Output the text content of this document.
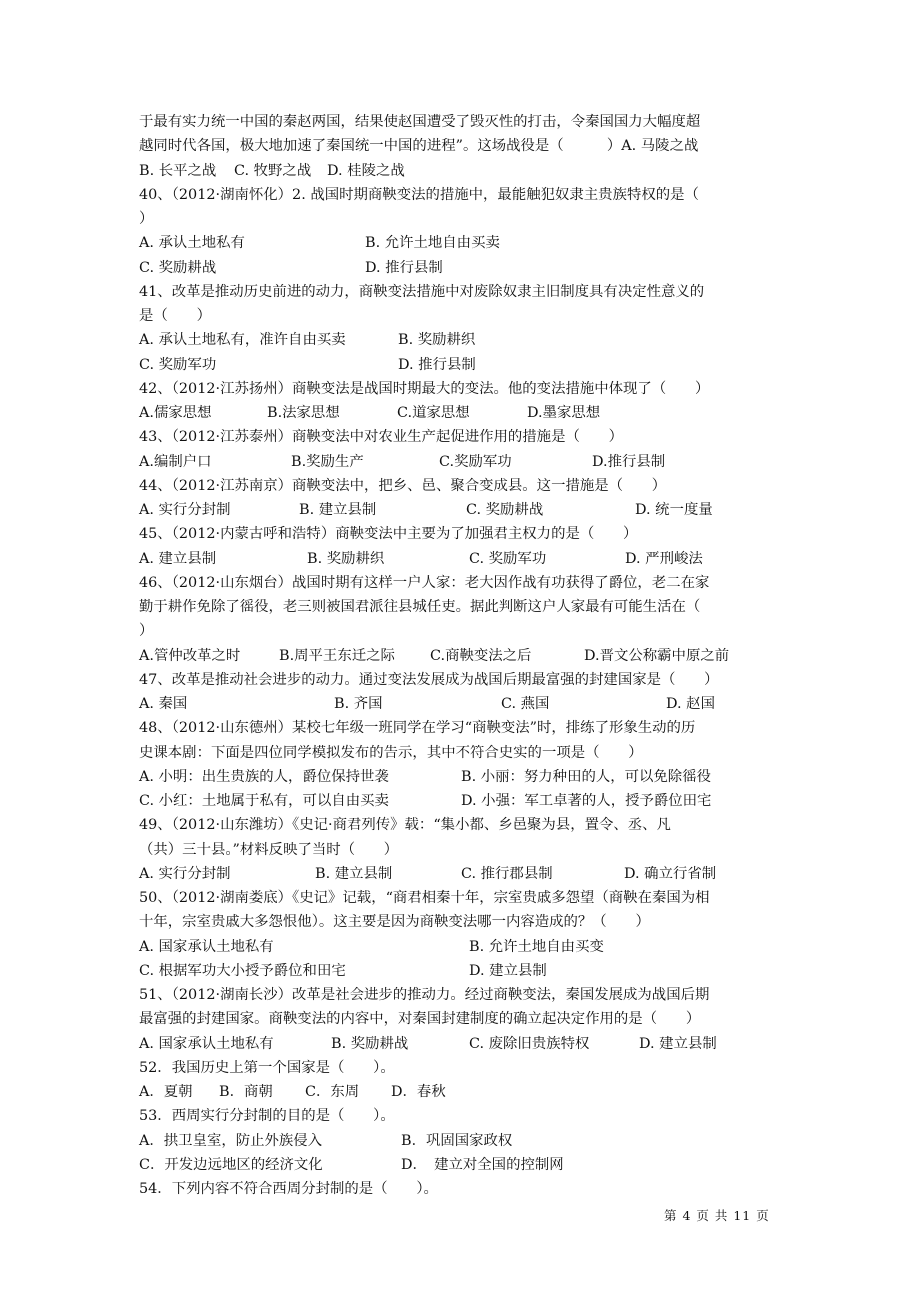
于最有实力统一中国的秦赵两国，结果使赵国遭受了毁灭性的打击，令秦国国力大幅度超
越同时代各国，极大地加速了秦国统一中国的进程”。这场战役是（　　　）A. 马陵之战
B. 长平之战 C. 牧野之战 D. 桂陵之战
40、（2012·湖南怀化）2. 战国时期商鞅变法的措施中，最能触犯奴隶主贵族特权的是（
）
A. 承认土地私有	B. 允许土地自由买卖
C. 奖励耕战	D. 推行县制
41、改革是推动历史前进的动力，商鞅变法措施中对废除奴隶主旧制度具有决定性意义的
是（　　）
A. 承认土地私有，准许自由买卖	B. 奖励耕织
C. 奖励军功	D. 推行县制
42、（2012·江苏扬州）商鞅变法是战国时期最大的变法。他的变法措施中体现了（　　）
A.儒家思想	B.法家思想	C.道家思想	D.墨家思想
43、（2012·江苏泰州）商鞅变法中对农业生产起促进作用的措施是（　　）
A.编制户口	B.奖励生产	C.奖励军功	D.推行县制
44、（2012·江苏南京）商鞅变法中，把乡、邑、聚合变成县。这一措施是（　　）
A. 实行分封制	B. 建立县制	C. 奖励耕战	D. 统一度量
45、（2012·内蒙古呼和浩特）商鞅变法中主要为了加强君主权力的是（　　）
A. 建立县制	B. 奖励耕织	C. 奖励军功	D. 严刑峻法
46、（2012·山东烟台）战国时期有这样一户人家：老大因作战有功获得了爵位，老二在家
勤于耕作免除了徭役，老三则被国君派往县城任吏。据此判断这户人家最有可能生活在（
）
A.管仲改革之时	B.周平王东迁之际 C.商鞅变法之后	D.晋文公称霸中原之前
47、改革是推动社会进步的动力。通过变法发展成为战国后期最富强的封建国家是（　　）
A. 秦国	B. 齐国	C. 燕国	D. 赵国
48、（2012·山东德州）某校七年级一班同学在学习“商鞅变法”时，排练了形象生动的历
史课本剧：下面是四位同学模拟发布的告示，其中不符合史实的一项是（　　）
A. 小明：出生贵族的人，爵位保持世袭	B. 小丽：努力种田的人，可以免除徭役
C. 小红：土地属于私有，可以自由买卖	D. 小强：军工卓著的人，授予爵位田宅
49、（2012·山东潍坊）《史记·商君列传》载：“集小都、乡邑聚为县，置令、丞、凡
（共）三十县。”材料反映了当时（　　）
A. 实行分封制	B. 建立县制	C. 推行郡县制	D. 确立行省制
50、（2012·湖南娄底）《史记》记载，“商君相秦十年，宗室贵戚多怨望（商鞅在秦国为相
十年，宗室贵戚大多怨恨他）。这主要是因为商鞅变法哪一内容造成的？（　　）
A. 国家承认土地私有	B. 允许土地自由买变
C. 根据军功大小授予爵位和田宅	D. 建立县制
51、（2012·湖南长沙）改革是社会进步的推动力。经过商鞅变法，秦国发展成为战国后期
最富强的封建国家。商鞅变法的内容中，对秦国封建制度的确立起决定作用的是（　　）
A. 国家承认土地私有	B. 奖励耕战	C. 废除旧贵族特权	D. 建立县制
52．我国历史上第一个国家是（　　）。
A．夏朝 B．商朝 C．东周 D．春秋
53．西周实行分封制的目的是（　　）。
A．拱卫皇室，防止外族侵入	B．巩固国家政权
C．开发边远地区的经济文化	D．　建立对全国的控制网
54．下列内容不符合西周分封制的是（　　）。
第 4 页 共 11 页
